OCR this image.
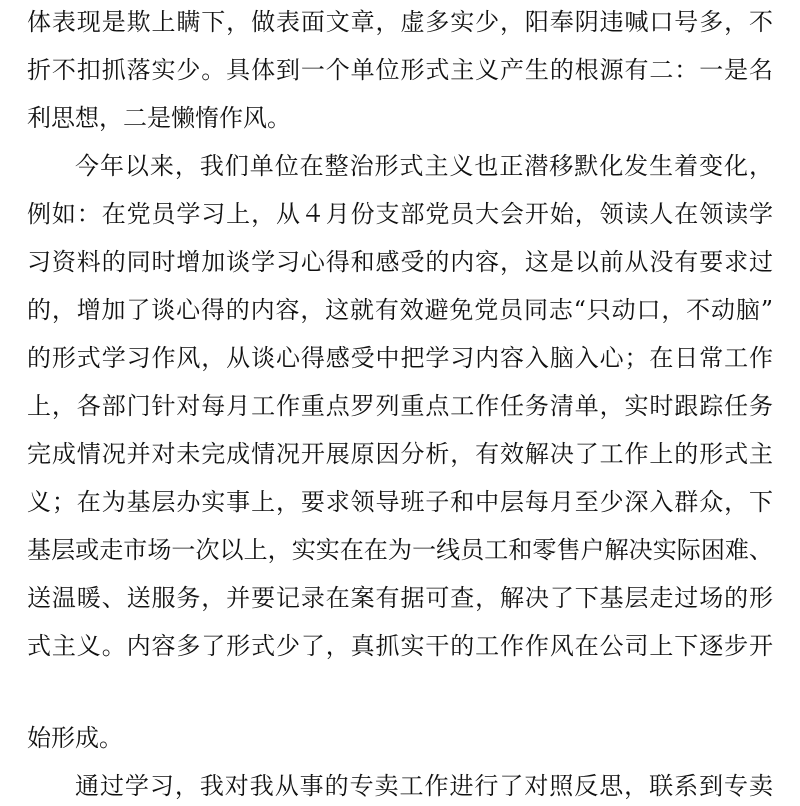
体表现是欺上瞒下，做表面文章，虚多实少，阳奉阴违喊口号多，不
折不扣抓落实少。具体到一个单位形式主义产生的根源有二：一是名
利思想，二是懒惰作风。
今年以来，我们单位在整治形式主义也正潜移默化发生着变化，
例如：在党员学习上，从４月份支部党员大会开始，领读人在领读学
习资料的同时增加谈学习心得和感受的内容，这是以前从没有要求过
的，增加了谈心得的内容，这就有效避免党员同志“只动口，不动脑”
的形式学习作风，从谈心得感受中把学习内容入脑入心；在日常工作
上，各部门针对每月工作重点罗列重点工作任务清单，实时跟踪任务
完成情况并对未完成情况开展原因分析，有效解决了工作上的形式主
义；在为基层办实事上，要求领导班子和中层每月至少深入群众，下
基层或走市场一次以上，实实在在为一线员工和零售户解决实际困难、
送温暖、送服务，并要记录在案有据可查，解决了下基层走过场的形
式主义。内容多了形式少了，真抓实干的工作作风在公司上下逐步开
始形成。
通过学习，我对我从事的专卖工作进行了对照反思，联系到专卖
